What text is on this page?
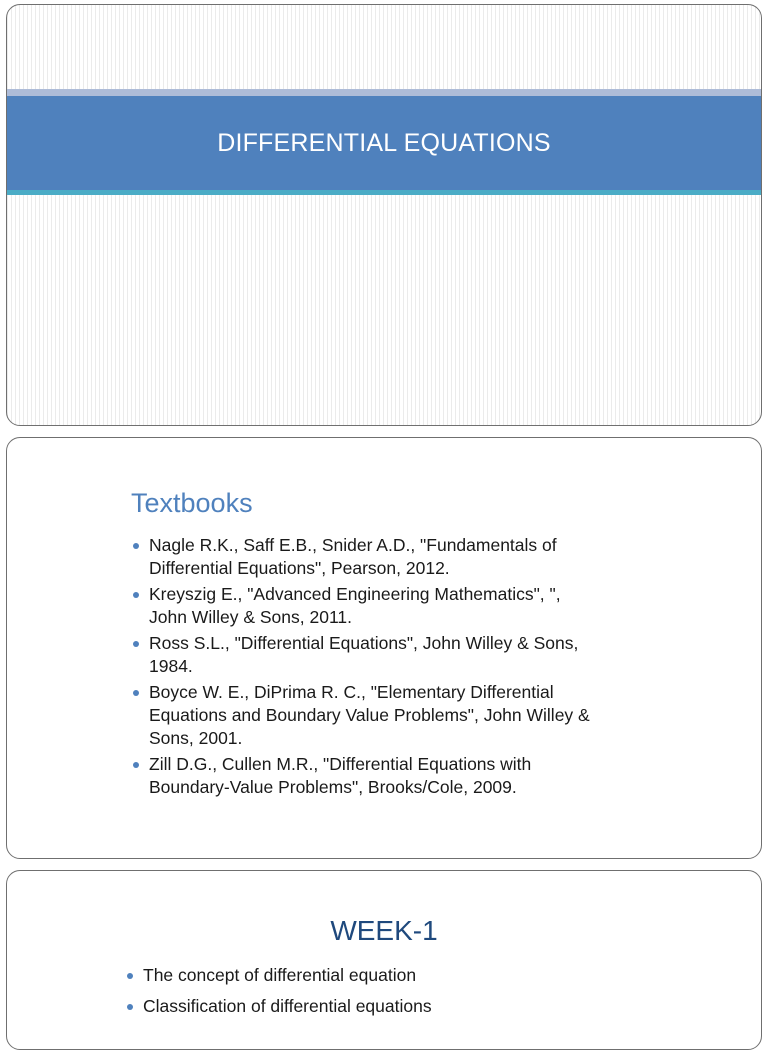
DIFFERENTIAL EQUATIONS
Textbooks
Nagle R.K., Saff E.B., Snider A.D., "Fundamentals of
Differential Equations", Pearson, 2012.
Kreyszig E., "Advanced Engineering Mathematics", ",
John Willey & Sons, 2011.
Ross S.L., "Differential Equations", John Willey & Sons,
1984.
Boyce W. E., DiPrima R. C., "Elementary Differential
Equations and Boundary Value Problems", John Willey &
Sons, 2001.
Zill D.G., Cullen M.R., "Differential Equations with
Boundary-Value Problems", Brooks/Cole, 2009.
WEEK-1
The concept of differential equation
Classification of differential equations
